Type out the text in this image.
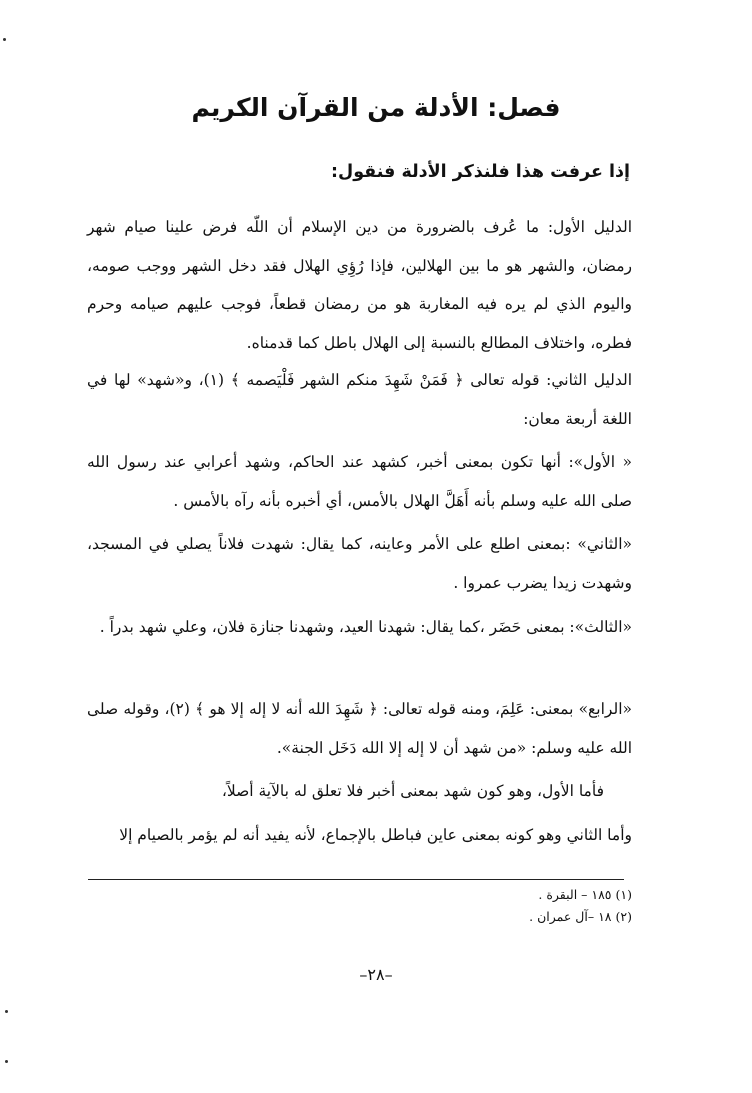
فصل: الأدلة من القرآن الكريم
إذا عرفت هذا فلنذكر الأدلة فنقول:

الدليل الأول: ما عُرف بالضرورة من دين الإسلام أن اللّه فرض علينا صيام شهر رمضان، والشهر هو ما بين الهلالين، فإذا رُؤِي الهلال فقد دخل الشهر ووجب صومه، واليوم الذي لم يره فيه المغاربة هو من رمضان قطعاً، فوجب عليهم صيامه وحرم فطره، واختلاف المطالع بالنسبة إلى الهلال باطل كما قدمناه.

الدليل الثاني: قوله تعالى ﴿ فَمَنْ شَهِدَ منكم الشهر فَلْيَصمه ﴾ (١)، و«شهد» لها في اللغة أربعة معان:

« الأول»: أنها تكون بمعنى أخبر، كشهد عند الحاكم، وشهد أعرابي عند رسول الله صلى الله عليه وسلم بأنه أَهَلَّ الهلال بالأمس، أي أخبره بأنه رآه بالأمس .

«الثاني» :بمعنى اطلع على الأمر وعاينه، كما يقال: شهدت فلاناً يصلي في المسجد، وشهدت زيدا يضرب عمروا .

«الثالث»: بمعنى حَضَر ،كما يقال: شهدنا العيد، وشهدنا جنازة فلان، وعلي شهد بدراً .

«الرابع» بمعنى: عَلِمَ، ومنه قوله تعالى: ﴿ شَهِدَ الله أنه لا إله إلا هو ﴾ (٢)، وقوله صلى الله عليه وسلم: «من شهد أن لا إله إلا الله دَخَل الجنة».

فأما الأول، وهو كون شهد بمعنى أخبر فلا تعلق له بالآية أصلاً،

وأما الثاني وهو كونه بمعنى عاين فباطل بالإجماع، لأنه يفيد أنه لم يؤمر بالصيام إلا

(١) ١٨٥ – البقرة .
(٢) ١٨ –آل عمران .
–٢٨–
